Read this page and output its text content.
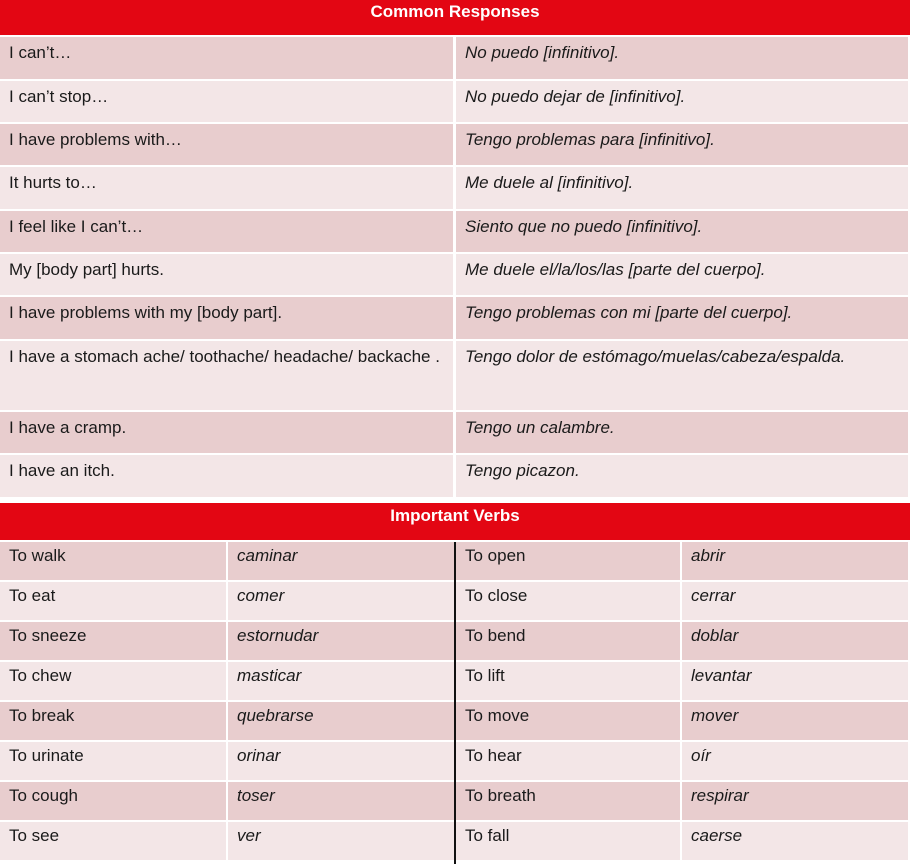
Common Responses
I can’t…	No puedo [infinitivo].
I can’t stop…	No puedo dejar de [infinitivo].
I have problems with…	Tengo problemas para [infinitivo].
It hurts to…	Me duele al [infinitivo].
I feel like I can’t…	Siento que no puedo [infinitivo].
My [body part] hurts.	Me duele el/la/los/las [parte del cuerpo].
I have problems with my [body part].	Tengo problemas con mi [parte del cuerpo].
I have a stomach ache/ toothache/ headache/ backache .	Tengo dolor de estómago/muelas/cabeza/espalda.
I have a cramp.	Tengo un calambre.
I have an itch.	Tengo picazon.
Important Verbs
To walk	caminar	To open	abrir
To eat	comer	To close	cerrar
To sneeze	estornudar	To bend	doblar
To chew	masticar	To lift	levantar
To break	quebrarse	To move	mover
To urinate	orinar	To hear	oír
To cough	toser	To breath	respirar
To see	ver	To fall	caerse
